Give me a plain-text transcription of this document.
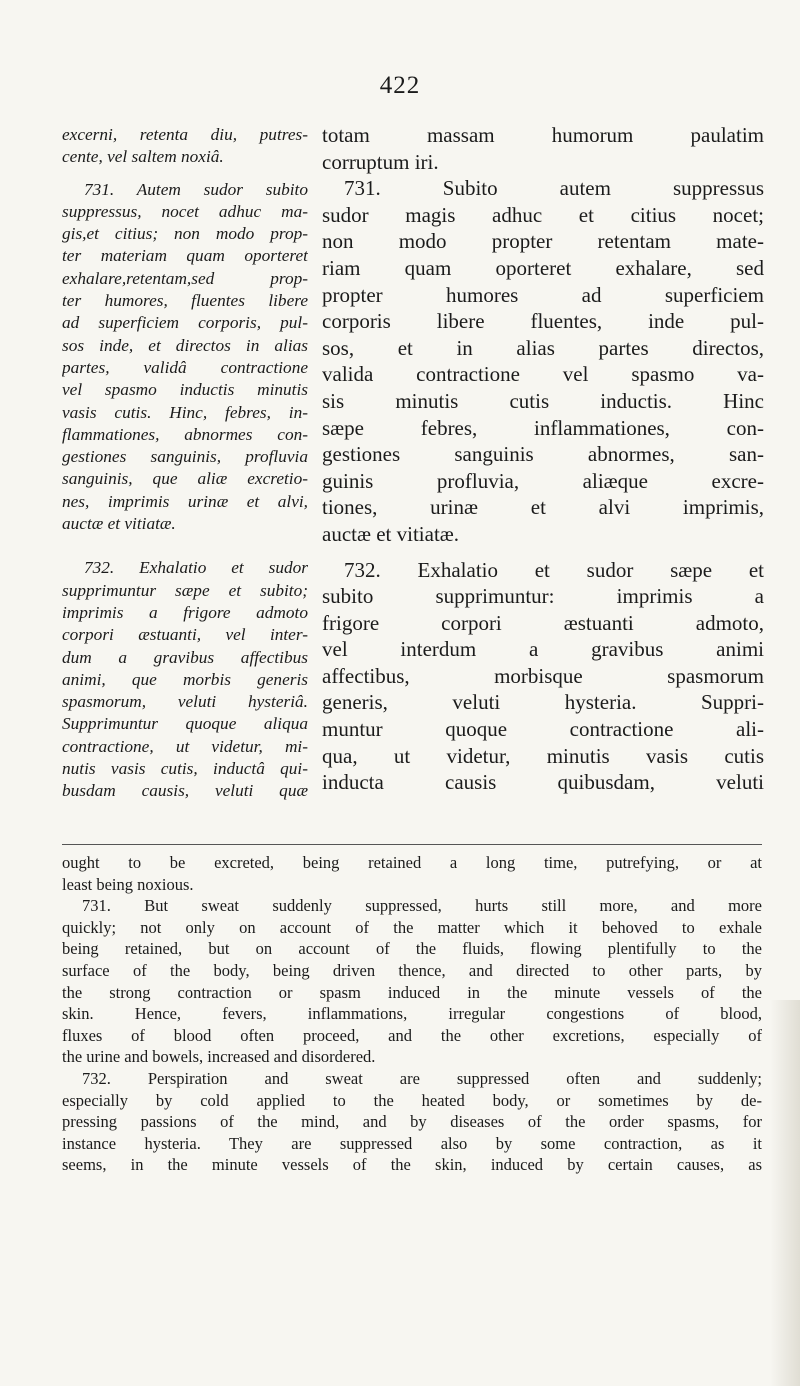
422
excerni, retenta diu, putres-
cente, vel saltem noxiâ.
731. Autem sudor subito
suppressus, nocet adhuc ma-
gis,et citius; non modo prop-
ter materiam quam oporteret
exhalare,retentam,sed prop-
ter humores, fluentes libere
ad superficiem corporis, pul-
sos inde, et directos in alias
partes, validâ contractione
vel spasmo inductis minutis
vasis cutis. Hinc, febres, in-
flammationes, abnormes con-
gestiones sanguinis, profluvia
sanguinis, que aliæ excretio-
nes, imprimis urinæ et alvi,
auctæ et vitiatæ.
732. Exhalatio et sudor
supprimuntur sæpe et subito;
imprimis a frigore admoto
corpori æstuanti, vel inter-
dum a gravibus affectibus
animi, que morbis generis
spasmorum, veluti hysteriâ.
Supprimuntur quoque aliqua
contractione, ut videtur, mi-
nutis vasis cutis, inductâ qui-
busdam causis, veluti quæ
totam massam humorum paulatim
corruptum iri.
731. Subito autem suppressus
sudor magis adhuc et citius nocet;
non modo propter retentam mate-
riam quam oporteret exhalare, sed
propter humores ad superficiem
corporis libere fluentes, inde pul-
sos, et in alias partes directos,
valida contractione vel spasmo va-
sis minutis cutis inductis. Hinc
sæpe febres, inflammationes, con-
gestiones sanguinis abnormes, san-
guinis profluvia, aliæque excre-
tiones, urinæ et alvi imprimis,
auctæ et vitiatæ.
732. Exhalatio et sudor sæpe et
subito supprimuntur: imprimis a
frigore corpori æstuanti admoto,
vel interdum a gravibus animi
affectibus, morbisque spasmorum
generis, veluti hysteria. Suppri-
muntur quoque contractione ali-
qua, ut videtur, minutis vasis cutis
inducta causis quibusdam, veluti
ought to be excreted, being retained a long time, putrefying, or at
least being noxious.
731. But sweat suddenly suppressed, hurts still more, and more
quickly; not only on account of the matter which it behoved to exhale
being retained, but on account of the fluids, flowing plentifully to the
surface of the body, being driven thence, and directed to other parts, by
the strong contraction or spasm induced in the minute vessels of the
skin. Hence, fevers, inflammations, irregular congestions of blood,
fluxes of blood often proceed, and the other excretions, especially of
the urine and bowels, increased and disordered.
732. Perspiration and sweat are suppressed often and suddenly;
especially by cold applied to the heated body, or sometimes by de-
pressing passions of the mind, and by diseases of the order spasms, for
instance hysteria. They are suppressed also by some contraction, as it
seems, in the minute vessels of the skin, induced by certain causes, as
